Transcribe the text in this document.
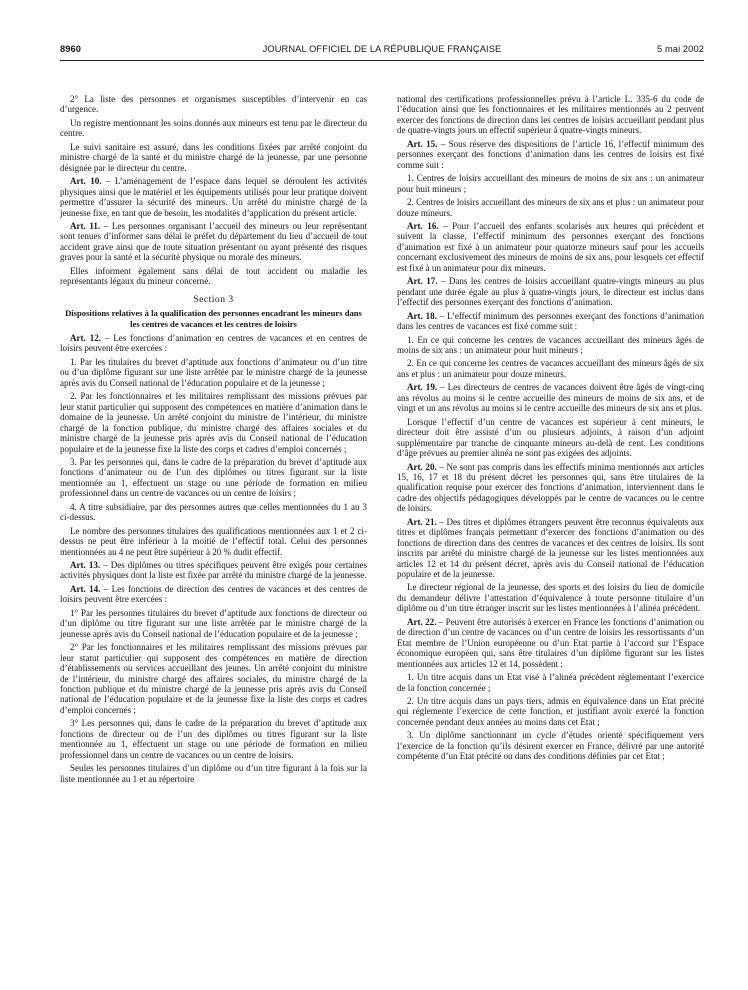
8960	JOURNAL OFFICIEL DE LA RÉPUBLIQUE FRANÇAISE	5 mai 2002

2° La liste des personnes et organismes susceptibles d’intervenir en cas d’urgence.

Un registre mentionnant les soins donnés aux mineurs est tenu par le directeur du centre.

Le suivi sanitaire est assuré, dans les conditions fixées par arrêté conjoint du ministre chargé de la santé et du ministre chargé de la jeunesse, par une personne désignée par le directeur du centre.

Art. 10. – L’aménagement de l’espace dans lequel se déroulent les activités physiques ainsi que le matériel et les équipements utilisés pour leur pratique doivent permettre d’assurer la sécurité des mineurs. Un arrêté du ministre chargé de la jeunesse fixe, en tant que de besoin, les modalités d’application du présent article.

Art. 11. – Les personnes organisant l’accueil des mineurs ou leur représentant sont tenues d’informer sans délai le préfet du département du lieu d’accueil de tout accident grave ainsi que de toute situation présentant ou ayant présenté des risques graves pour la santé et la sécurité physique ou morale des mineurs.

Elles informent également sans délai de tout accident ou maladie les représentants légaux du mineur concerné.

Section 3

Dispositions relatives à la qualification des personnes encadrant les mineurs dans les centres de vacances et les centres de loisirs

Art. 12. – Les fonctions d’animation en centres de vacances et en centres de loisirs peuvent être exercées :

1. Par les titulaires du brevet d’aptitude aux fonctions d’animateur ou d’un titre ou d’un diplôme figurant sur une liste arrêtée par le ministre chargé de la jeunesse après avis du Conseil national de l’éducation populaire et de la jeunesse ;

2. Par les fonctionnaires et les militaires remplissant des missions prévues par leur statut particulier qui supposent des compétences en matière d’animation dans le domaine de la jeunesse. Un arrêté conjoint du ministre de l’intérieur, du ministre chargé de la fonction publique, du ministre chargé des affaires sociales et du ministre chargé de la jeunesse pris après avis du Conseil national de l’éducation populaire et de la jeunesse fixe la liste des corps et cadres d’emploi concernés ;

3. Par les personnes qui, dans le cadre de la préparation du brevet d’aptitude aux fonctions d’animateur ou de l’un des diplômes ou titres figurant sur la liste mentionnée au 1, effectuent un stage ou une période de formation en milieu professionnel dans un centre de vacances ou un centre de loisirs ;

4. A titre subsidiaire, par des personnes autres que celles mentionnées du 1 au 3 ci-dessus.

Le nombre des personnes titulaires des qualifications mentionnées aux 1 et 2 ci-dessus ne peut être inférieur à la moitié de l’effectif total. Celui des personnes mentionnées au 4 ne peut être supérieur à 20 % dudit effectif.

Art. 13. – Des diplômes ou titres spécifiques peuvent être exigés pour certaines activités physiques dont la liste est fixée par arrêté du ministre chargé de la jeunesse.

Art. 14. – Les fonctions de direction des centres de vacances et des centres de loisirs peuvent être exercées :

1° Par les personnes titulaires du brevet d’aptitude aux fonctions de directeur ou d’un diplôme ou titre figurant sur une liste arrêtée par le ministre chargé de la jeunesse après avis du Conseil national de l’éducation populaire et de la jeunesse ;

2° Par les fonctionnaires et les militaires remplissant des missions prévues par leur statut particulier qui supposent des compétences en matière de direction d’établissements ou services accueillant des jeunes. Un arrêté conjoint du ministre de l’intérieur, du ministre chargé des affaires sociales, du ministre chargé de la fonction publique et du ministre chargé de la jeunesse pris après avis du Conseil national de l’éducation populaire et de la jeunesse fixe la liste des corps et cadres d’emploi concernés ;

3° Les personnes qui, dans le cadre de la préparation du brevet d’aptitude aux fonctions de directeur ou de l’un des diplômes ou titres figurant sur la liste mentionnée au 1, effectuent un stage ou une période de formation en milieu professionnel dans un centre de vacances ou un centre de loisirs.

Seules les personnes titulaires d’un diplôme ou d’un titre figurant à la fois sur la liste mentionnée au 1 et au répertoire

national des certifications professionnelles prévu à l’article L. 335-6 du code de l’éducation ainsi que les fonctionnaires et les militaires mentionnés au 2 peuvent exercer des fonctions de direction dans les centres de loisirs accueillant pendant plus de quatre-vingts jours un effectif supérieur à quatre-vingts mineurs.

Art. 15. – Sous réserve des dispositions de l’article 16, l’effectif minimum des personnes exerçant des fonctions d’animation dans les centres de loisirs est fixé comme suit :

1. Centres de loisirs accueillant des mineurs de moins de six ans : un animateur pour huit mineurs ;

2. Centres de loisirs accueillant des mineurs de six ans et plus : un animateur pour douze mineurs.

Art. 16. – Pour l’accueil des enfants scolarisés aux heures qui précèdent et suivent la classe, l’effectif minimum des personnes exerçant des fonctions d’animation est fixé à un animateur pour quatorze mineurs sauf pour les accueils concernant exclusivement des mineurs de moins de six ans, pour lesquels cet effectif est fixé à un animateur pour dix mineurs.

Art. 17. – Dans les centres de loisirs accueillant quatre-vingts mineurs au plus pendant une durée égale au plus à quatre-vingts jours, le directeur est inclus dans l’effectif des personnes exerçant des fonctions d’animation.

Art. 18. – L’effectif minimum des personnes exerçant des fonctions d’animation dans les centres de vacances est fixé comme suit :

1. En ce qui concerne les centres de vacances accueillant des mineurs âgés de moins de six ans : un animateur pour huit mineurs ;

2. En ce qui concerne les centres de vacances accueillant des mineurs âgés de six ans et plus : un animateur pour douze mineurs.

Art. 19. – Les directeurs de centres de vacances doivent être âgés de vingt-cinq ans révolus au moins si le centre accueille des mineurs de moins de six ans, et de vingt et un ans révolus au moins si le centre accueille des mineurs de six ans et plus.

Lorsque l’effectif d’un centre de vacances est supérieur à cent mineurs, le directeur doit être assisté d’un ou plusieurs adjoints, à raison d’un adjoint supplémentaire par tranche de cinquante mineurs au-delà de cent. Les conditions d’âge prévues au premier alinéa ne sont pas exigées des adjoints.

Art. 20. – Ne sont pas compris dans les effectifs minima mentionnés aux articles 15, 16, 17 et 18 du présent décret les personnes qui, sans être titulaires de la qualification requise pour exercer des fonctions d’animation, interviennent dans le cadre des objectifs pédagogiques développés par le centre de vacances ou le centre de loisirs.

Art. 21. – Des titres et diplômes étrangers peuvent être reconnus équivalents aux titres et diplômes français permettant d’exercer des fonctions d’animation ou des fonctions de direction dans des centres de vacances et des centres de loisirs. Ils sont inscrits par arrêté du ministre chargé de la jeunesse sur les listes mentionnées aux articles 12 et 14 du présent décret, après avis du Conseil national de l’éducation populaire et de la jeunesse.

Le directeur régional de la jeunesse, des sports et des loisirs du lieu de domicile du demandeur délivre l’attestation d’équivalence à toute personne titulaire d’un diplôme ou d’un titre étranger inscrit sur les listes mentionnées à l’alinéa précédent.

Art. 22. – Peuvent être autorisés à exercer en France les fonctions d’animation ou de direction d’un centre de vacances ou d’un centre de loisirs les ressortissants d’un Etat membre de l’Union européenne ou d’un Etat partie à l’accord sur l’Espace économique européen qui, sans être titulaires d’un diplôme figurant sur les listes mentionnées aux articles 12 et 14, possèdent :

1. Un titre acquis dans un Etat visé à l’alinéa précédent réglementant l’exercice de la fonction concernée ;

2. Un titre acquis dans un pays tiers, admis en équivalence dans un Etat précité qui réglemente l’exercice de cette fonction, et justifiant avoir exercé la fonction concernée pendant deux années au moins dans cet Etat ;

3. Un diplôme sanctionnant un cycle d’études orienté spécifiquement vers l’exercice de la fonction qu’ils désirent exercer en France, délivré par une autorité compétente d’un Etat précité ou dans des conditions définies par cet Etat ;
